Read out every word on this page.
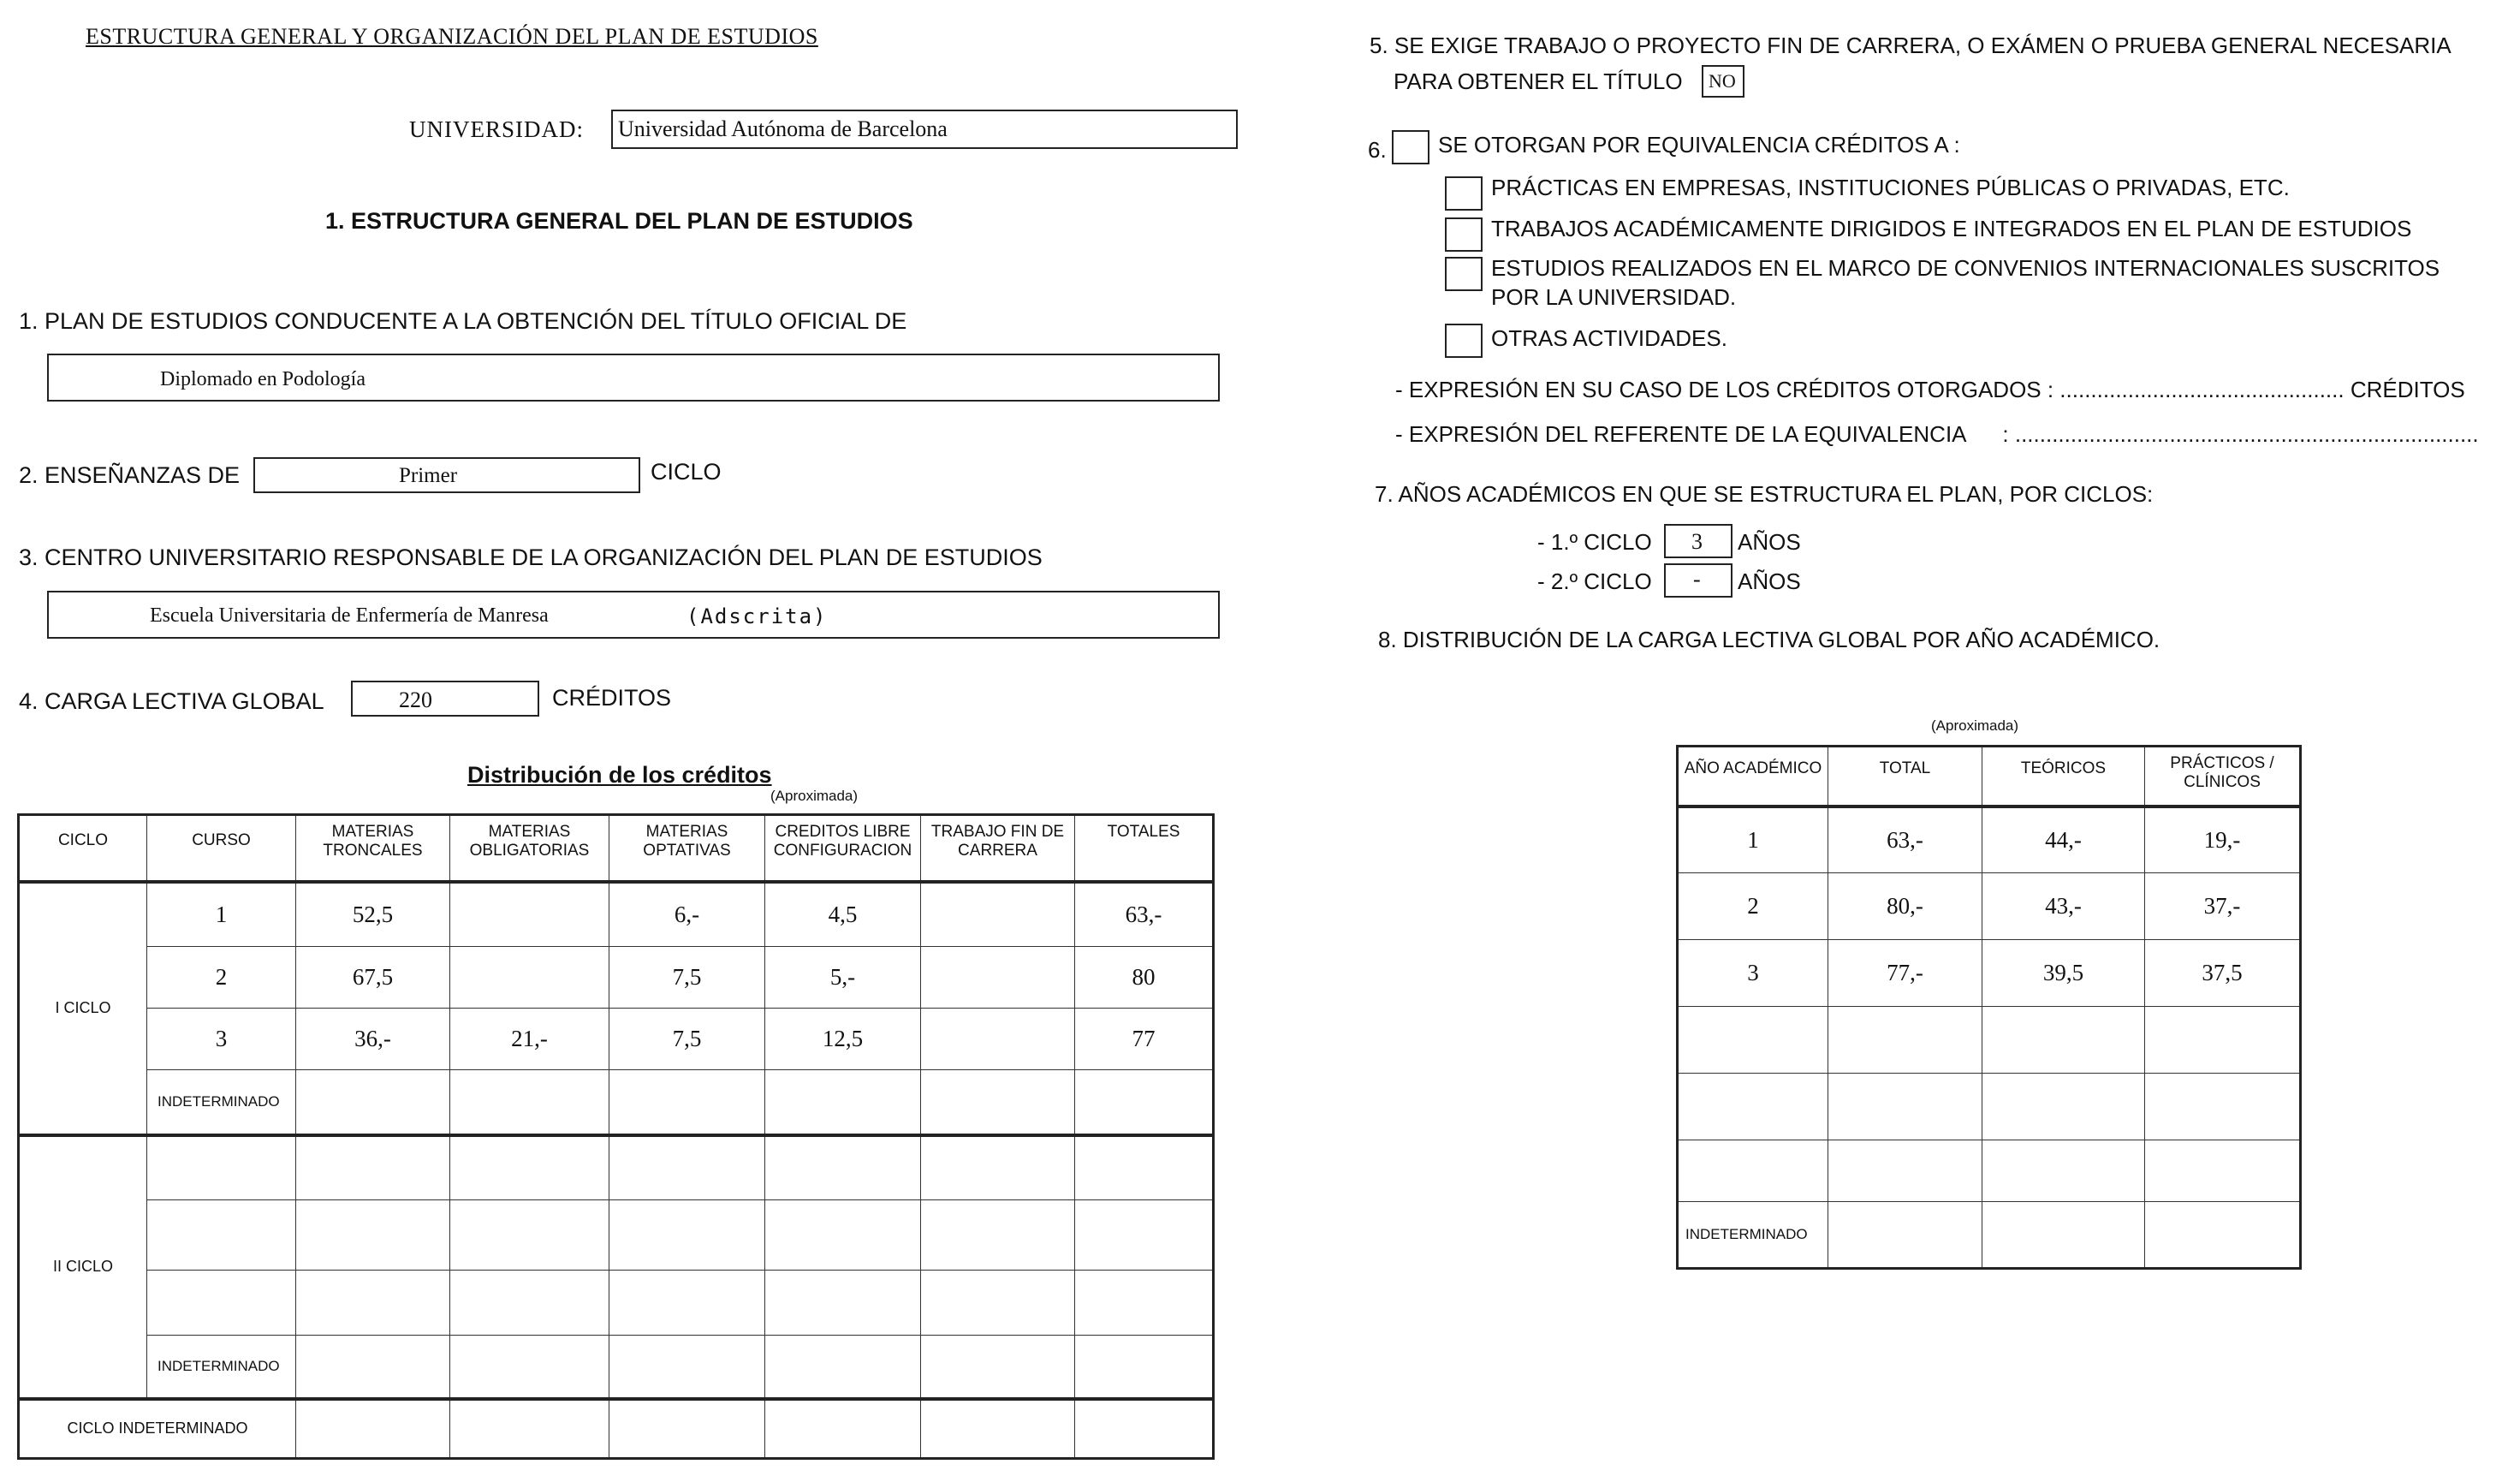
ESTRUCTURA GENERAL Y ORGANIZACIÓN DEL PLAN DE ESTUDIOS
UNIVERSIDAD: Universidad Autónoma de Barcelona
1. ESTRUCTURA GENERAL DEL PLAN DE ESTUDIOS
1. PLAN DE ESTUDIOS CONDUCENTE A LA OBTENCIÓN DEL TÍTULO OFICIAL DE
Diplomado en Podología
2. ENSEÑANZAS DE	Primer	CICLO
3. CENTRO UNIVERSITARIO RESPONSABLE DE LA ORGANIZACIÓN DEL PLAN DE ESTUDIOS
Escuela Universitaria de Enfermería de Manresa	(Adscrita)
4. CARGA LECTIVA GLOBAL	220	CRÉDITOS
Distribución de los créditos
(Aproximada)
CICLO	CURSO	MATERIAS TRONCALES	MATERIAS OBLIGATORIAS	MATERIAS OPTATIVAS	CREDITOS LIBRE CONFIGURACION	TRABAJO FIN DE CARRERA	TOTALES
I CICLO	1	52,5		6,-	4,5		63,-
	2	67,5		7,5	5,-		80
	3	36,-	21,-	7,5	12,5		77
	INDETERMINADO						
II CICLO							

	INDETERMINADO						
CICLO INDETERMINADO							
5. SE EXIGE TRABAJO O PROYECTO FIN DE CARRERA, O EXÁMEN O PRUEBA GENERAL NECESARIA
PARA OBTENER EL TÍTULO NO
6. SE OTORGAN POR EQUIVALENCIA CRÉDITOS A :
PRÁCTICAS EN EMPRESAS, INSTITUCIONES PÚBLICAS O PRIVADAS, ETC.
TRABAJOS ACADÉMICAMENTE DIRIGIDOS E INTEGRADOS EN EL PLAN DE ESTUDIOS
ESTUDIOS REALIZADOS EN EL MARCO DE CONVENIOS INTERNACIONALES SUSCRITOS
POR LA UNIVERSIDAD.
OTRAS ACTIVIDADES.
- EXPRESIÓN EN SU CASO DE LOS CRÉDITOS OTORGADOS : .............................................. CRÉDITOS
- EXPRESIÓN DEL REFERENTE DE LA EQUIVALENCIA      : ...........................................................................
7. AÑOS ACADÉMICOS EN QUE SE ESTRUCTURA EL PLAN, POR CICLOS:
- 1.º CICLO 3 AÑOS
- 2.º CICLO - AÑOS
8. DISTRIBUCIÓN DE LA CARGA LECTIVA GLOBAL POR AÑO ACADÉMICO.
(Aproximada)
AÑO ACADÉMICO	TOTAL	TEÓRICOS	PRÁCTICOS / CLÍNICOS
1	63,-	44,-	19,-
2	80,-	43,-	37,-
3	77,-	39,5	37,5

INDETERMINADO			
